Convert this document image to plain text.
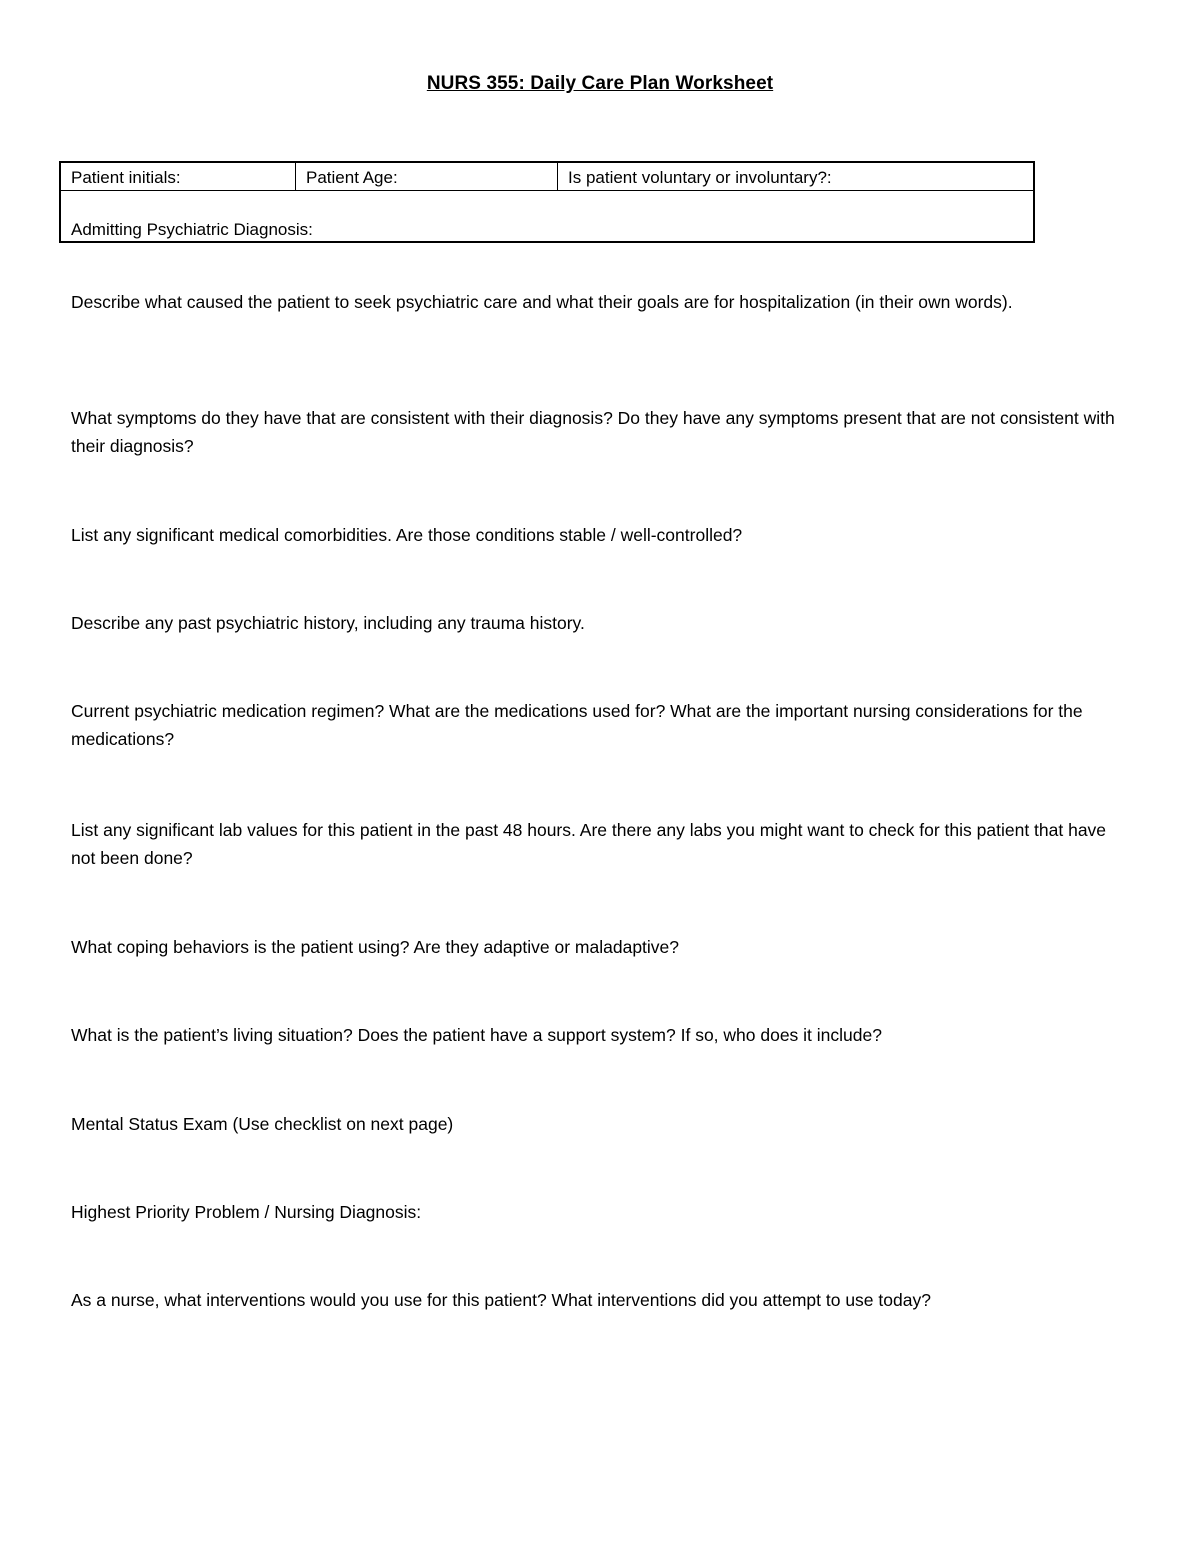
NURS 355: Daily Care Plan Worksheet
Patient initials:	Patient Age:	Is patient voluntary or involuntary?:
Admitting Psychiatric Diagnosis:
Describe what caused the patient to seek psychiatric care and what their goals are for hospitalization (in their own words).
What symptoms do they have that are consistent with their diagnosis? Do they have any symptoms present that are not consistent with their diagnosis?
List any significant medical comorbidities. Are those conditions stable / well-controlled?
Describe any past psychiatric history, including any trauma history.
Current psychiatric medication regimen? What are the medications used for? What are the important nursing considerations for the medications?
List any significant lab values for this patient in the past 48 hours. Are there any labs you might want to check for this patient that have not been done?
What coping behaviors is the patient using? Are they adaptive or maladaptive?
What is the patient’s living situation? Does the patient have a support system? If so, who does it include?
Mental Status Exam (Use checklist on next page)
Highest Priority Problem / Nursing Diagnosis:
As a nurse, what interventions would you use for this patient? What interventions did you attempt to use today?
